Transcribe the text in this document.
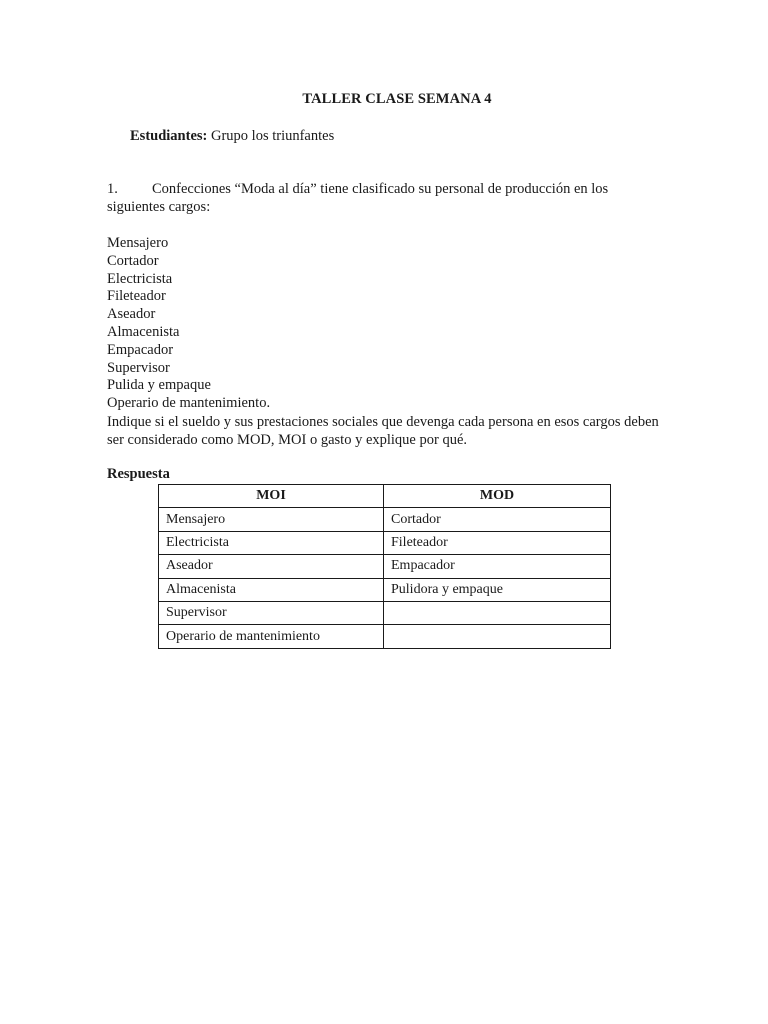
TALLER CLASE SEMANA 4
Estudiantes: Grupo los triunfantes
1. Confecciones “Moda al día” tiene clasificado su personal de producción en los siguientes cargos:
Mensajero
Cortador
Electricista
Fileteador
Aseador
Almacenista
Empacador
Supervisor
Pulida y empaque
Operario de mantenimiento.
Indique si el sueldo y sus prestaciones sociales que devenga cada persona en esos cargos deben ser considerado como MOD, MOI o gasto y explique por qué.
Respuesta
MOI	MOD
Mensajero	Cortador
Electricista	Fileteador
Aseador	Empacador
Almacenista	Pulidora y empaque
Supervisor	
Operario de mantenimiento	
